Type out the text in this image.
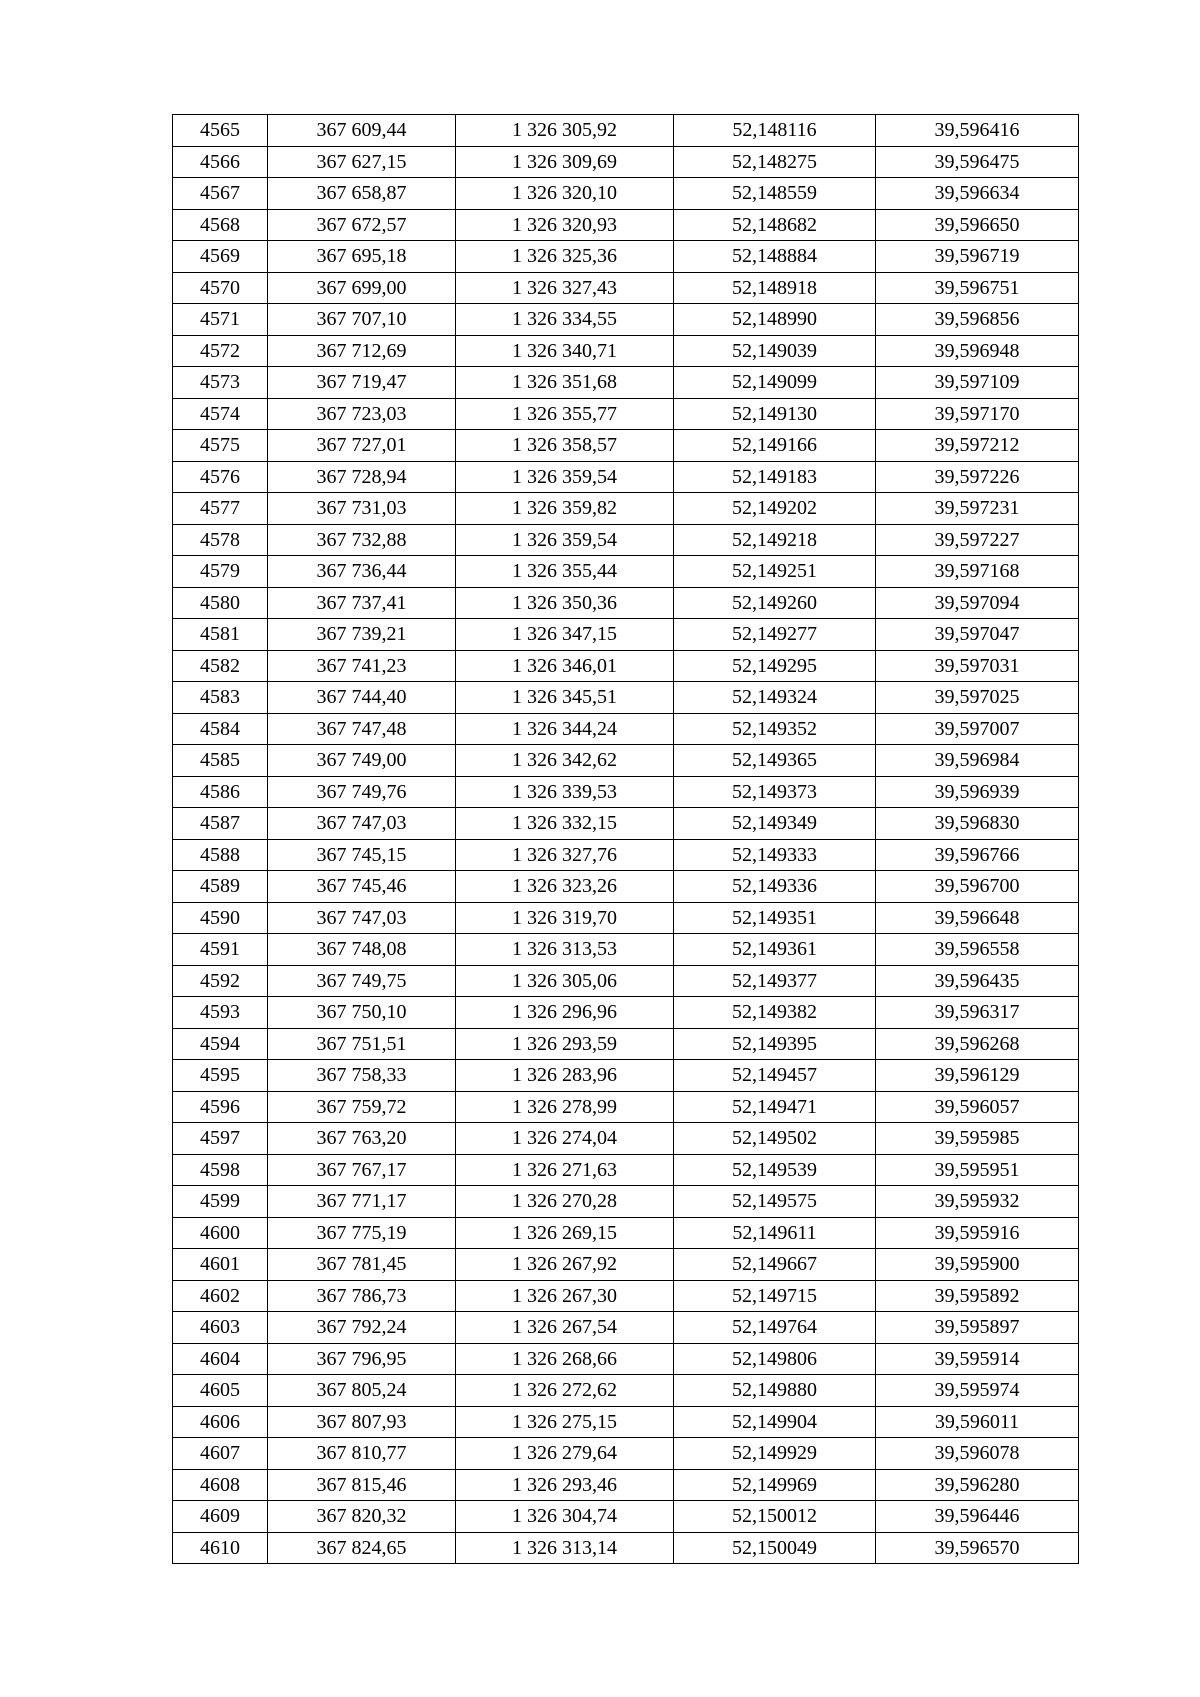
4565	367 609,44	1 326 305,92	52,148116	39,596416
4566	367 627,15	1 326 309,69	52,148275	39,596475
4567	367 658,87	1 326 320,10	52,148559	39,596634
4568	367 672,57	1 326 320,93	52,148682	39,596650
4569	367 695,18	1 326 325,36	52,148884	39,596719
4570	367 699,00	1 326 327,43	52,148918	39,596751
4571	367 707,10	1 326 334,55	52,148990	39,596856
4572	367 712,69	1 326 340,71	52,149039	39,596948
4573	367 719,47	1 326 351,68	52,149099	39,597109
4574	367 723,03	1 326 355,77	52,149130	39,597170
4575	367 727,01	1 326 358,57	52,149166	39,597212
4576	367 728,94	1 326 359,54	52,149183	39,597226
4577	367 731,03	1 326 359,82	52,149202	39,597231
4578	367 732,88	1 326 359,54	52,149218	39,597227
4579	367 736,44	1 326 355,44	52,149251	39,597168
4580	367 737,41	1 326 350,36	52,149260	39,597094
4581	367 739,21	1 326 347,15	52,149277	39,597047
4582	367 741,23	1 326 346,01	52,149295	39,597031
4583	367 744,40	1 326 345,51	52,149324	39,597025
4584	367 747,48	1 326 344,24	52,149352	39,597007
4585	367 749,00	1 326 342,62	52,149365	39,596984
4586	367 749,76	1 326 339,53	52,149373	39,596939
4587	367 747,03	1 326 332,15	52,149349	39,596830
4588	367 745,15	1 326 327,76	52,149333	39,596766
4589	367 745,46	1 326 323,26	52,149336	39,596700
4590	367 747,03	1 326 319,70	52,149351	39,596648
4591	367 748,08	1 326 313,53	52,149361	39,596558
4592	367 749,75	1 326 305,06	52,149377	39,596435
4593	367 750,10	1 326 296,96	52,149382	39,596317
4594	367 751,51	1 326 293,59	52,149395	39,596268
4595	367 758,33	1 326 283,96	52,149457	39,596129
4596	367 759,72	1 326 278,99	52,149471	39,596057
4597	367 763,20	1 326 274,04	52,149502	39,595985
4598	367 767,17	1 326 271,63	52,149539	39,595951
4599	367 771,17	1 326 270,28	52,149575	39,595932
4600	367 775,19	1 326 269,15	52,149611	39,595916
4601	367 781,45	1 326 267,92	52,149667	39,595900
4602	367 786,73	1 326 267,30	52,149715	39,595892
4603	367 792,24	1 326 267,54	52,149764	39,595897
4604	367 796,95	1 326 268,66	52,149806	39,595914
4605	367 805,24	1 326 272,62	52,149880	39,595974
4606	367 807,93	1 326 275,15	52,149904	39,596011
4607	367 810,77	1 326 279,64	52,149929	39,596078
4608	367 815,46	1 326 293,46	52,149969	39,596280
4609	367 820,32	1 326 304,74	52,150012	39,596446
4610	367 824,65	1 326 313,14	52,150049	39,596570
